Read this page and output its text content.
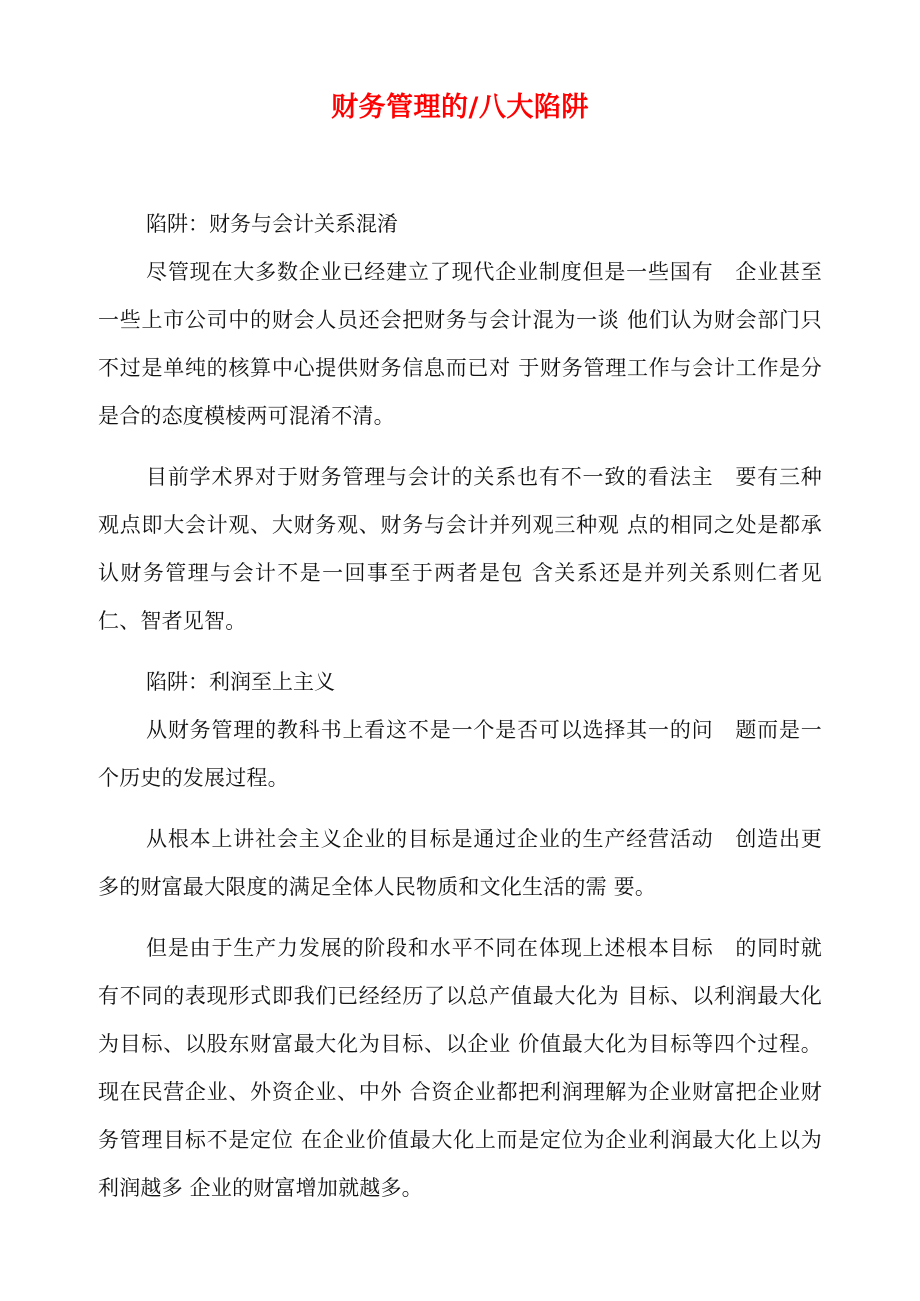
财务管理的/八大陷阱
陷阱：财务与会计关系混淆

尽管现在大多数企业已经建立了现代企业制度但是一些国有　企业甚至一些上市公司中的财会人员还会把财务与会计混为一谈 他们认为财会部门只不过是单纯的核算中心提供财务信息而已对 于财务管理工作与会计工作是分是合的态度模棱两可混淆不清。

目前学术界对于财务管理与会计的关系也有不一致的看法主　要有三种观点即大会计观、大财务观、财务与会计并列观三种观 点的相同之处是都承认财务管理与会计不是一回事至于两者是包 含关系还是并列关系则仁者见仁、智者见智。

陷阱：利润至上主义

从财务管理的教科书上看这不是一个是否可以选择其一的问　题而是一个历史的发展过程。

从根本上讲社会主义企业的目标是通过企业的生产经营活动　创造出更多的财富最大限度的满足全体人民物质和文化生活的需 要。

但是由于生产力发展的阶段和水平不同在体现上述根本目标　的同时就有不同的表现形式即我们已经经历了以总产值最大化为 目标、以利润最大化为目标、以股东财富最大化为目标、以企业 价值最大化为目标等四个过程。现在民营企业、外资企业、中外 合资企业都把利润理解为企业财富把企业财务管理目标不是定位 在企业价值最大化上而是定位为企业利润最大化上以为利润越多 企业的财富增加就越多。
